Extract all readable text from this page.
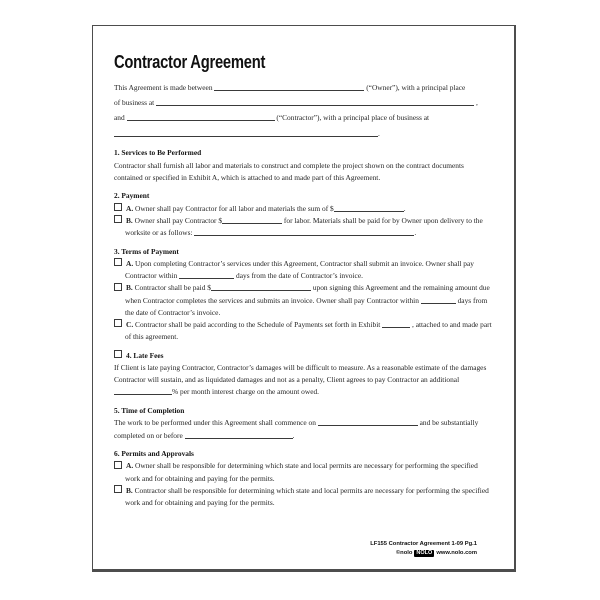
Contractor Agreement
This Agreement is made between	(“Owner”), with a principal place
of business at	,
and	(“Contractor”), with a principal place of business at
.
1. Services to Be Performed
Contractor shall furnish all labor and materials to construct and complete the project shown on the contract documents contained or specified in Exhibit A, which is attached to and made part of this Agreement.
2. Payment
A. Owner shall pay Contractor for all labor and materials the sum of $	.
B. Owner shall pay Contractor $	for labor. Materials shall be paid for by Owner upon delivery to the worksite or as follows:	.
3. Terms of Payment
A. Upon completing Contractor’s services under this Agreement, Contractor shall submit an invoice. Owner shall pay Contractor within	days from the date of Contractor’s invoice.
B. Contractor shall be paid $	upon signing this Agreement and the remaining amount due when Contractor completes the services and submits an invoice. Owner shall pay Contractor within	days from the date of Contractor’s invoice.
C. Contractor shall be paid according to the Schedule of Payments set forth in Exhibit	, attached to and made part of this agreement.
4. Late Fees
If Client is late paying Contractor, Contractor’s damages will be difficult to measure. As a reasonable estimate of the damages Contractor will sustain, and as liquidated damages and not as a penalty, Client agrees to pay Contractor an additional % per month interest charge on the amount owed.
5. Time of Completion
The work to be performed under this Agreement shall commence on	and be substantially completed on or before	.
6. Permits and Approvals
A. Owner shall be responsible for determining which state and local permits are necessary for performing the specified work and for obtaining and paying for the permits.
B. Contractor shall be responsible for determining which state and local permits are necessary for performing the specified work and for obtaining and paying for the permits.
LF155 Contractor Agreement 1-09 Pg.1
©nolo NOLO www.nolo.com
